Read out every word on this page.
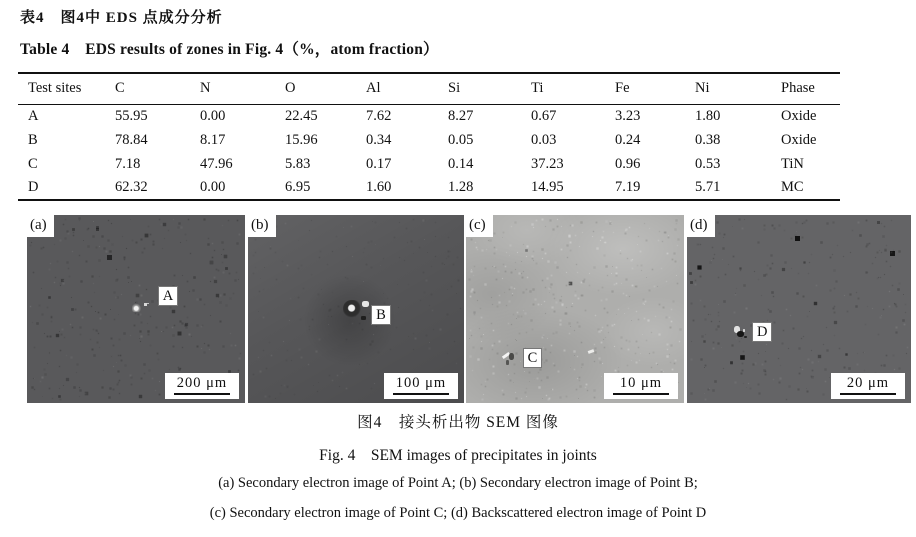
表4　图4中 EDS 点成分分析
Table 4　EDS results of zones in Fig. 4（%，atom fraction）
Test sites	C	N	O	Al	Si	Ti	Fe	Ni	Phase
A	55.95	0.00	22.45	7.62	8.27	0.67	3.23	1.80	Oxide
B	78.84	8.17	15.96	0.34	0.05	0.03	0.24	0.38	Oxide
C	7.18	47.96	5.83	0.17	0.14	37.23	0.96	0.53	TiN
D	62.32	0.00	6.95	1.60	1.28	14.95	7.19	5.71	MC
A
(a)
200 μm
B
(b)
100 μm
C
(c)
10 μm
D
(d)
20 μm
图4　接头析出物 SEM 图像
Fig. 4　SEM images of precipitates in joints
(a) Secondary electron image of Point A; (b) Secondary electron image of Point B;
(c) Secondary electron image of Point C; (d) Backscattered electron image of Point D
